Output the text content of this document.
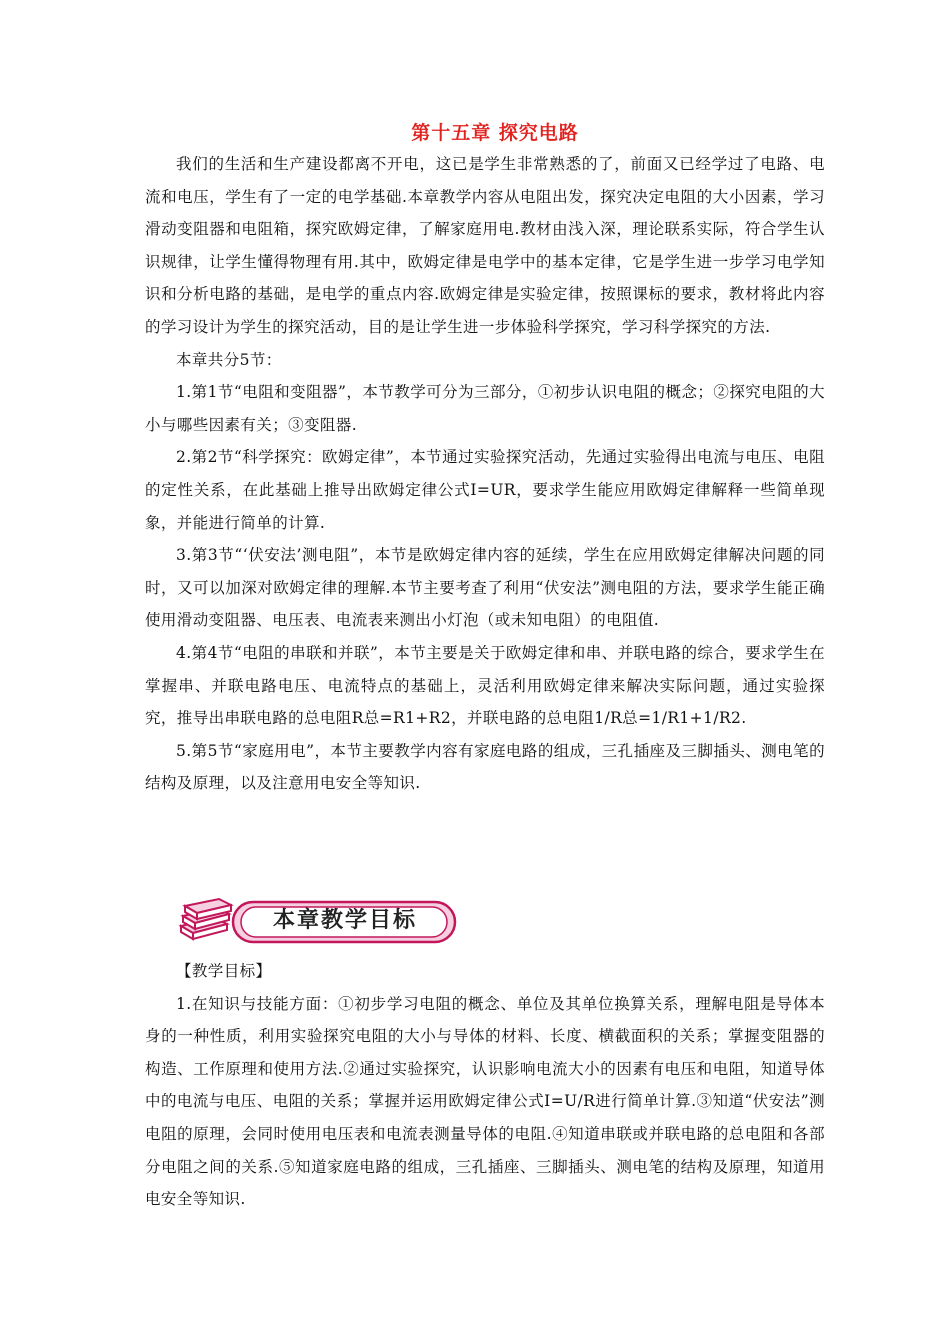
第十五章 探究电路

我们的生活和生产建设都离不开电，这已是学生非常熟悉的了，前面又已经学过了电路、电流和电压，学生有了一定的电学基础.本章教学内容从电阻出发，探究决定电阻的大小因素，学习滑动变阻器和电阻箱，探究欧姆定律，了解家庭用电.教材由浅入深，理论联系实际，符合学生认识规律，让学生懂得物理有用.其中，欧姆定律是电学中的基本定律，它是学生进一步学习电学知识和分析电路的基础，是电学的重点内容.欧姆定律是实验定律，按照课标的要求，教材将此内容的学习设计为学生的探究活动，目的是让学生进一步体验科学探究，学习科学探究的方法.

本章共分5节：

1.第1节“电阻和变阻器”，本节教学可分为三部分，①初步认识电阻的概念；②探究电阻的大小与哪些因素有关；③变阻器.

2.第2节“科学探究：欧姆定律”，本节通过实验探究活动，先通过实验得出电流与电压、电阻的定性关系，在此基础上推导出欧姆定律公式I=UR，要求学生能应用欧姆定律解释一些简单现象，并能进行简单的计算.

3.第3节“‘伏安法’测电阻”，本节是欧姆定律内容的延续，学生在应用欧姆定律解决问题的同时，又可以加深对欧姆定律的理解.本节主要考查了利用“伏安法”测电阻的方法，要求学生能正确使用滑动变阻器、电压表、电流表来测出小灯泡（或未知电阻）的电阻值.

4.第4节“电阻的串联和并联”，本节主要是关于欧姆定律和串、并联电路的综合，要求学生在掌握串、并联电路电压、电流特点的基础上，灵活利用欧姆定律来解决实际问题，通过实验探究，推导出串联电路的总电阻R总=R1+R2，并联电路的总电阻1/R总=1/R1+1/R2.

5.第5节“家庭用电”，本节主要教学内容有家庭电路的组成，三孔插座及三脚插头、测电笔的结构及原理，以及注意用电安全等知识.

本章教学目标

【教学目标】

1.在知识与技能方面：①初步学习电阻的概念、单位及其单位换算关系，理解电阻是导体本身的一种性质，利用实验探究电阻的大小与导体的材料、长度、横截面积的关系；掌握变阻器的构造、工作原理和使用方法.②通过实验探究，认识影响电流大小的因素有电压和电阻，知道导体中的电流与电压、电阻的关系；掌握并运用欧姆定律公式I=U/R进行简单计算.③知道“伏安法”测电阻的原理，会同时使用电压表和电流表测量导体的电阻.④知道串联或并联电路的总电阻和各部分电阻之间的关系.⑤知道家庭电路的组成，三孔插座、三脚插头、测电笔的结构及原理，知道用电安全等知识.
